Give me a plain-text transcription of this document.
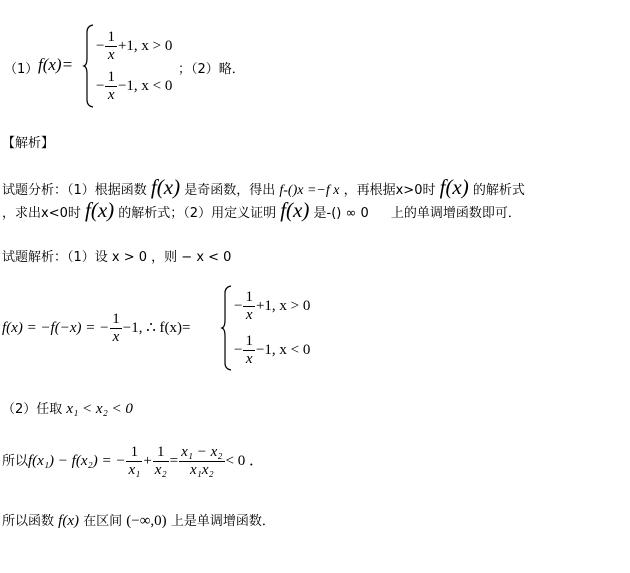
（1） f(x)=
− $\frac{1}{x} +1$, x > 0
− $\frac{1}{x} -1$, x < 0
；（2）略．
【解析】
试题分析：（1）根据函数 f(x) 是奇函数，得出 f-()x =−f x ，再根据x>0时 f(x) 的解析式
，求出x<0时 f(x) 的解析式；（2）用定义证明 f(x) 是-() ∞ 0 上的单调增函数即可．
试题解析：（1）设 x > 0 ，则 − x < 0
f(x) = −f(−x) = − $\frac{1}{x} -1$, ∴ f(x)=
− $\frac{1}{x} +1$, x > 0
− $\frac{1}{x} -1$, x < 0
（2）任取 x₁ < x₂ < 0
所以f(x₁) − f(x₂) = − $\frac{1}{\text{x₁}} + \frac{1}{\text{x₂}} = \frac{\text{x₁ − x₂}}{\text{x₁x₂}} < 0$ ．
所以函数 f(x) 在区间 (−∞,0) 上是单调增函数．
